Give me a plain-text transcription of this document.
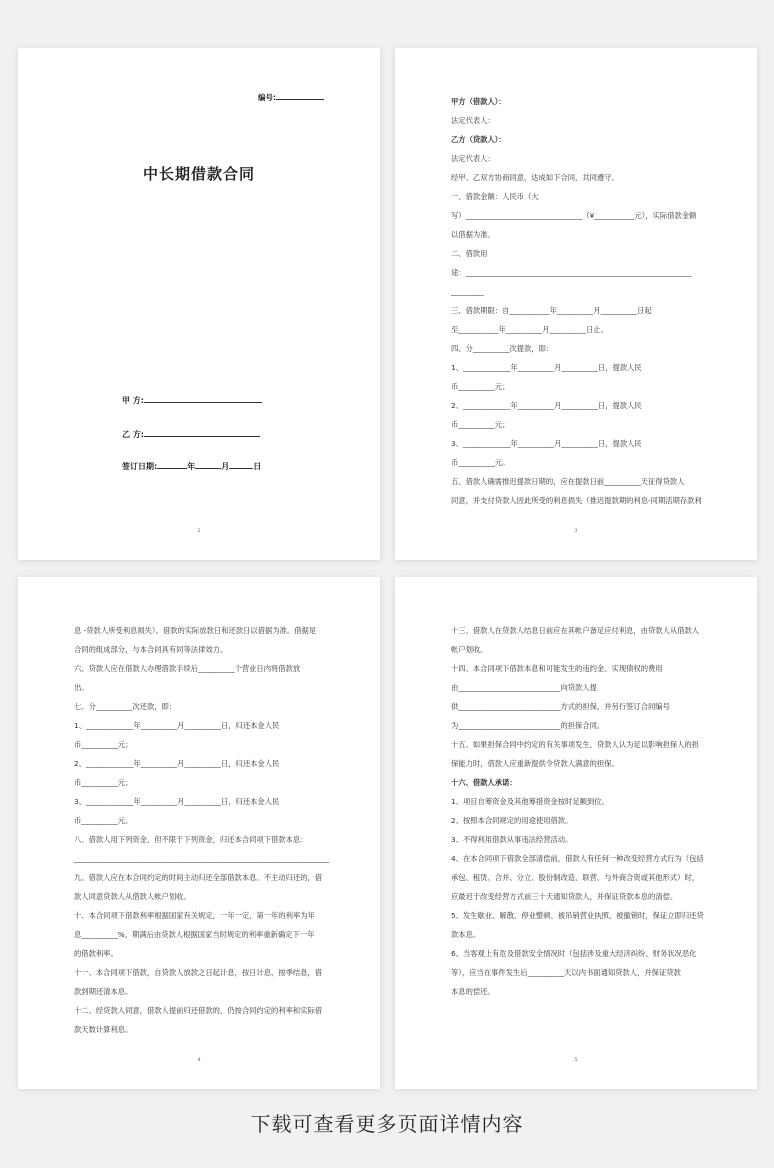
编号:
中长期借款合同
甲 方:
乙 方:
签订日期:	年	月	日
2

甲方（借款人）：

法定代表人：

乙方（贷款人）：

法定代表人：

经甲、乙双方协商同意，达成如下合同，共同遵守。

一、借款金额：人民币（大

写）________________________________（¥___________元），实际借款金额

以借据为准。

二、借款用

途：______________________________________________________________

_________

三、借款期限：自___________年__________月__________日起

至___________年__________月__________日止。

四、分__________次提款，即：

1、_____________年__________月__________日，提款人民

币__________元；

2、_____________年__________月__________日，提款人民

币__________元；

3、_____________年__________月__________日，提款人民

币__________元。

五、借款人确需推迟提款日期的，应在提款日前__________天征得贷款人

同意，并支付贷款人因此所受的利息损失（推迟提款期的利息-同期活期存款利

3

息 -贷款人所受利息损失）。借款的实际放款日和还款日以借据为准。借据是

合同的组成部分，与本合同具有同等法律效力。

六、贷款人应在借款人办理借款手续后__________个营业日内将借款放

出。

七、分__________次还款，即：

1、_____________年__________月__________日，归还本金人民

币__________元；

2、_____________年__________月__________日，归还本金人民

币__________元；

3、_____________年__________月__________日，归还本金人民

币__________元。

八、借款人用下列资金，但不限于下列资金，归还本合同项下借款本息：

______________________________________________________________________

九、借款人应在本合同约定的时间主动归还全部借款本息。不主动归还的，借

款人同意贷款人从借款人帐户划收。

十、本合同项下借款利率根据国家有关规定，一年一定，第一年的利率为年

息__________%，期满后由贷款人根据国家当时规定的利率重新确定下一年

的借款利率。

十一、本合同项下借款，自贷款人放款之日起计息，按日计息，按季结息，借

款到期还清本息。

十二、经贷款人同意，借款人提前归还借款的，仍按合同约定的利率和实际借

款天数计算利息。

4

十三、借款人在贷款人结息日前应在其帐户备足应付利息，由贷款人从借款人

帐户划收。

十四、本合同项下借款本息和可能发生的违约金、实现债权的费用

由____________________________向贷款人提

供____________________________方式的担保，并另行签订合同编号

为____________________________的担保合同。

十五、如果担保合同中约定的有关事项发生，贷款人认为足以影响担保人的担

保能力时，借款人应重新提供令贷款人满意的担保。

十六、借款人承诺：

1、项目自筹资金及其他筹措资金按时足额到位。

2、按照本合同规定的用途使用借款。

3、不得利用借款从事违法经营活动。

4、在本合同项下借款全部清偿前，借款人有任何一种改变经营方式行为（包括

承包、租赁、合并、分立、股份制改造、联营、与外商合资或其他形式）时，

应最迟于改变经营方式前三十天通知贷款人，并保证贷款本息的清偿。

5、发生歇业、解散、停业整顿、被吊销营业执照、被撤销时，保证立即归还贷

款本息。

6、当客观上有危及借款安全情况时（包括涉及重大经济纠纷、财务状况恶化

等），应当在事件发生后__________天以内书面通知贷款人，并保证贷款

本息的偿还。

5
下载可查看更多页面详情内容
